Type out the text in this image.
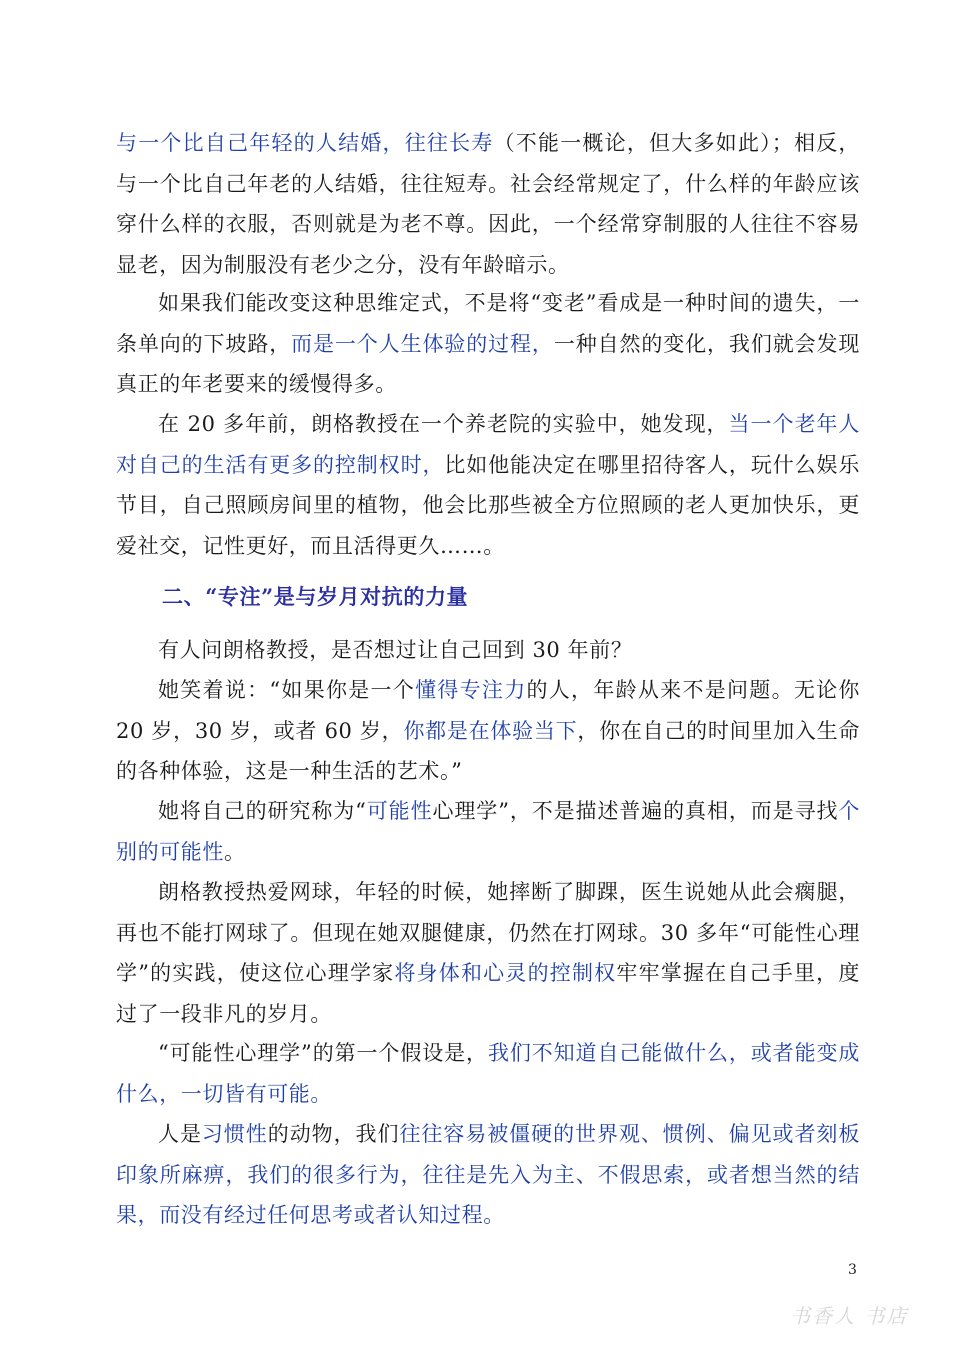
与一个比自己年轻的人结婚，往往长寿（不能一概论，但大多如此）；相反，与一个比自己年老的人结婚，往往短寿。社会经常规定了，什么样的年龄应该穿什么样的衣服，否则就是为老不尊。因此，一个经常穿制服的人往往不容易显老，因为制服没有老少之分，没有年龄暗示。

如果我们能改变这种思维定式，不是将“变老”看成是一种时间的遗失，一条单向的下坡路，而是一个人生体验的过程，一种自然的变化，我们就会发现真正的年老要来的缓慢得多。

在 20 多年前，朗格教授在一个养老院的实验中，她发现，当一个老年人对自己的生活有更多的控制权时，比如他能决定在哪里招待客人，玩什么娱乐节目，自己照顾房间里的植物，他会比那些被全方位照顾的老人更加快乐，更爱社交，记性更好，而且活得更久……。

二、“专注”是与岁月对抗的力量

有人问朗格教授，是否想过让自己回到 30 年前？

她笑着说：“如果你是一个懂得专注力的人，年龄从来不是问题。无论你 20 岁，30 岁，或者 60 岁，你都是在体验当下，你在自己的时间里加入生命的各种体验，这是一种生活的艺术。”

她将自己的研究称为“可能性心理学”，不是描述普遍的真相，而是寻找个别的可能性。

朗格教授热爱网球，年轻的时候，她摔断了脚踝，医生说她从此会瘸腿，再也不能打网球了。但现在她双腿健康，仍然在打网球。30 多年“可能性心理学”的实践，使这位心理学家将身体和心灵的控制权牢牢掌握在自己手里，度过了一段非凡的岁月。

“可能性心理学”的第一个假设是，我们不知道自己能做什么，或者能变成什么，一切皆有可能。

人是习惯性的动物，我们往往容易被僵硬的世界观、惯例、偏见或者刻板印象所麻痹，我们的很多行为，往往是先入为主、不假思索，或者想当然的结果，而没有经过任何思考或者认知过程。

3
书香人 书店
